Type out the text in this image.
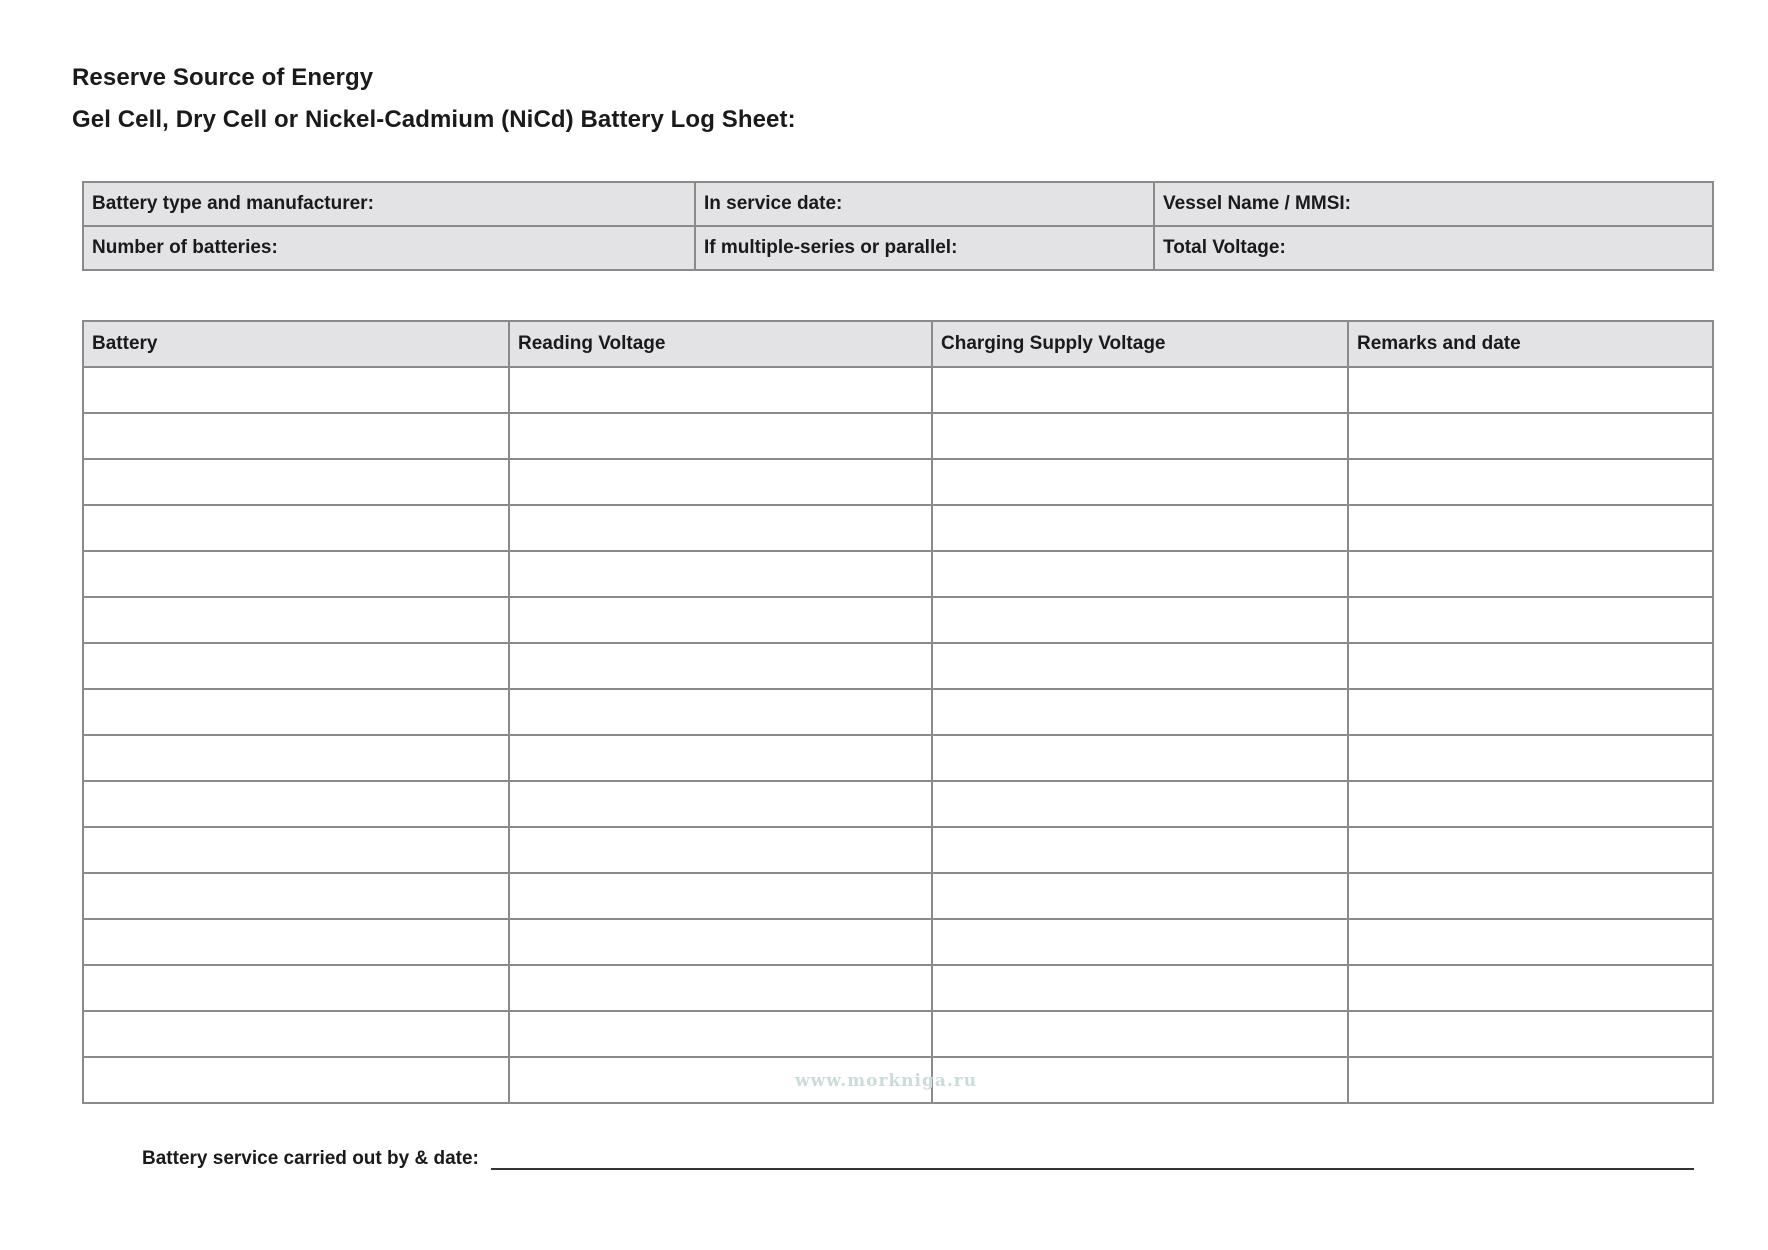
Reserve Source of Energy
Gel Cell, Dry Cell or Nickel-Cadmium (NiCd) Battery Log Sheet:
Battery type and manufacturer:	In service date:	Vessel Name / MMSI:
Number of batteries:	If multiple-series or parallel:	Total Voltage:
Battery	Reading Voltage	Charging Supply Voltage	Remarks and date

www.morkniga.ru
Battery service carried out by & date:
